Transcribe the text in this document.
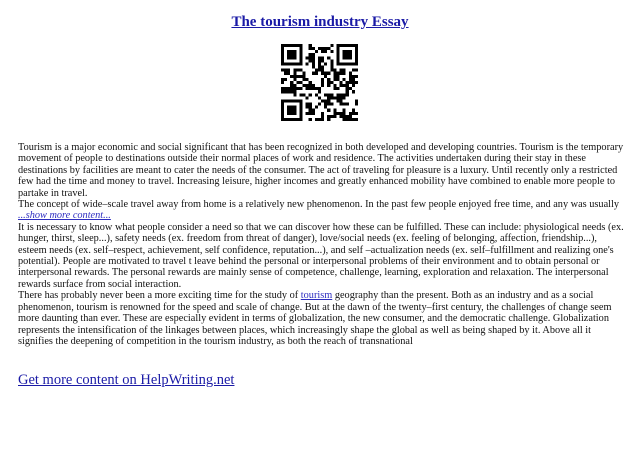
The tourism industry Essay

Tourism is a major economic and social significant that has been recognized in both developed and developing countries. Tourism is the temporary movement of people to destinations outside their normal places of work and residence. The activities undertaken during their stay in these destinations by facilities are meant to cater the needs of the consumer. The act of traveling for pleasure is a luxury. Until recently only a restricted few had the time and money to travel. Increasing leisure, higher incomes and greatly enhanced mobility have combined to enable more people to partake in travel.

The concept of wide–scale travel away from home is a relatively new phenomenon. In the past few people enjoyed free time, and any was usually
...show more content...

It is necessary to know what people consider a need so that we can discover how these can be fulfilled. These can include: physiological needs (ex. hunger, thirst, sleep...), safety needs (ex. freedom from threat of danger), love/social needs (ex. feeling of belonging, affection, friendship...), esteem needs (ex. self–respect, achievement, self confidence, reputation...), and self –actualization needs (ex. self–fulfillment and realizing one's potential). People are motivated to travel t leave behind the personal or interpersonal problems of their environment and to obtain personal or interpersonal rewards. The personal rewards are mainly sense of competence, challenge, learning, exploration and relaxation. The interpersonal rewards surface from social interaction.

There has probably never been a more exciting time for the study of tourism geography than the present. Both as an industry and as a social phenomenon, tourism is renowned for the speed and scale of change. But at the dawn of the twenty–first century, the challenges of change seem more daunting than ever. These are especially evident in terms of globalization, the new consumer, and the democratic challenge. Globalization represents the intensification of the linkages between places, which increasingly shape the global as well as being shaped by it. Above all it signifies the deepening of competition in the tourism industry, as both the reach of transnational

Get more content on HelpWriting.net
